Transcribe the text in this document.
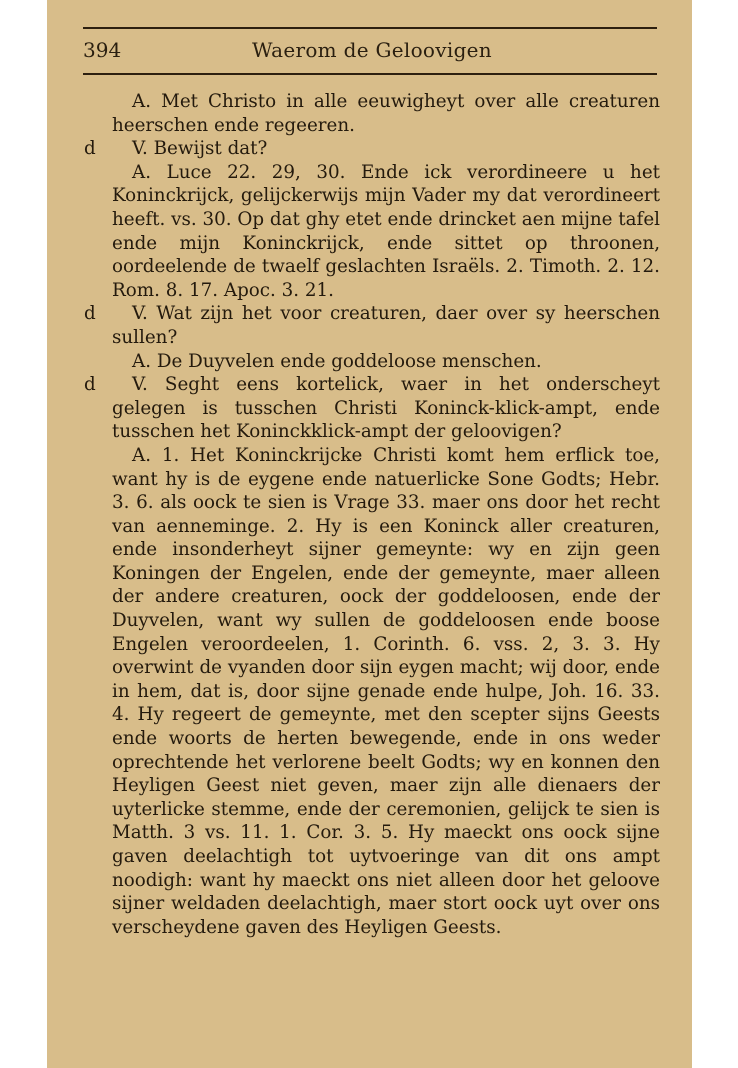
394	Waerom de Geloovigen

A. Met Christo in alle eeuwigheyt over alle creaturen heerschen ende regeeren.

d V. Bewijst dat?

A. Luce 22. 29, 30. Ende ick verordineere u het Koninckrijck, gelijckerwijs mijn Vader my dat verordineert heeft. vs. 30. Op dat ghy etet ende drincket aen mijne tafel ende mijn Koninckrijck, ende sittet op throonen, oordeelende de twaelf geslachten Israëls. 2. Timoth. 2. 12. Rom. 8. 17. Apoc. 3. 21.

d V. Wat zijn het voor creaturen, daer over sy heerschen sullen?

A. De Duyvelen ende goddeloose menschen.

d V. Seght eens kortelick, waer in het onderscheyt gelegen is tusschen Christi Koninck-klick-ampt, ende tusschen het Koninckklick-ampt der geloovigen?

A. 1. Het Koninckrijcke Christi komt hem erflick toe, want hy is de eygene ende natuerlicke Sone Godts; Hebr. 3. 6. als oock te sien is Vrage 33. maer ons door het recht van aenneminge. 2. Hy is een Koninck aller creaturen, ende insonderheyt sijner gemeynte: wy en zijn geen Koningen der Engelen, ende der gemeynte, maer alleen der andere creaturen, oock der goddeloosen, ende der Duyvelen, want wy sullen de goddeloosen ende boose Engelen veroordeelen, 1. Corinth. 6. vss. 2, 3. 3. Hy overwint de vyanden door sijn eygen macht; wij door, ende in hem, dat is, door sijne genade ende hulpe, Joh. 16. 33. 4. Hy regeert de gemeynte, met den scepter sijns Geests ende woorts de herten bewegende, ende in ons weder oprechtende het verlorene beelt Godts; wy en konnen den Heyligen Geest niet geven, maer zijn alle dienaers der uyterlicke stemme, ende der ceremonien, gelijck te sien is Matth. 3 vs. 11. 1. Cor. 3. 5. Hy maeckt ons oock sijne gaven deelachtigh tot uytvoeringe van dit ons ampt noodigh: want hy maeckt ons niet alleen door het geloove sijner weldaden deelachtigh, maer stort oock uyt over ons verscheydene gaven des Heyligen Geests.
